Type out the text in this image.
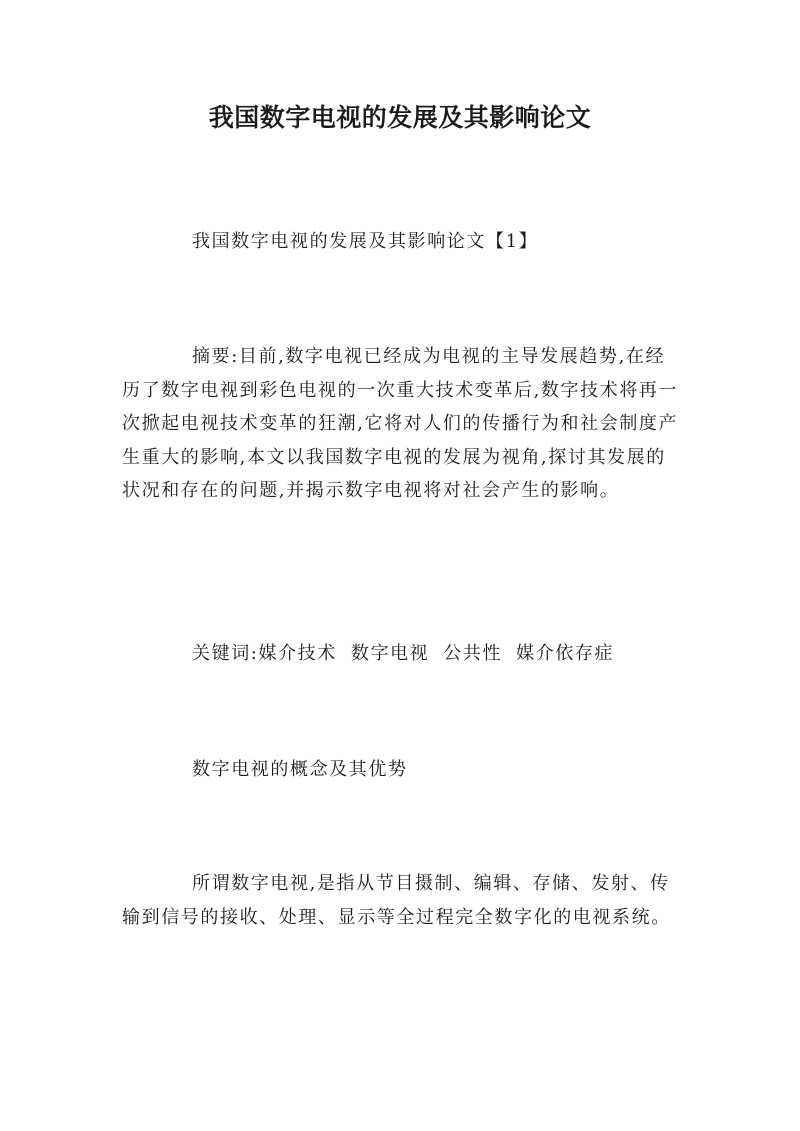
我国数字电视的发展及其影响论文
我国数字电视的发展及其影响论文【1】

摘要:目前,数字电视已经成为电视的主导发展趋势,在经历了数字电视到彩色电视的一次重大技术变革后,数字技术将再一次掀起电视技术变革的狂潮,它将对人们的传播行为和社会制度产生重大的影响,本文以我国数字电视的发展为视角,探讨其发展的状况和存在的问题,并揭示数字电视将对社会产生的影响。

关键词:媒介技术 数字电视 公共性 媒介依存症
数字电视的概念及其优势

所谓数字电视,是指从节目摄制、编辑、存储、发射、传输到信号的接收、处理、显示等全过程完全数字化的电视系统。
